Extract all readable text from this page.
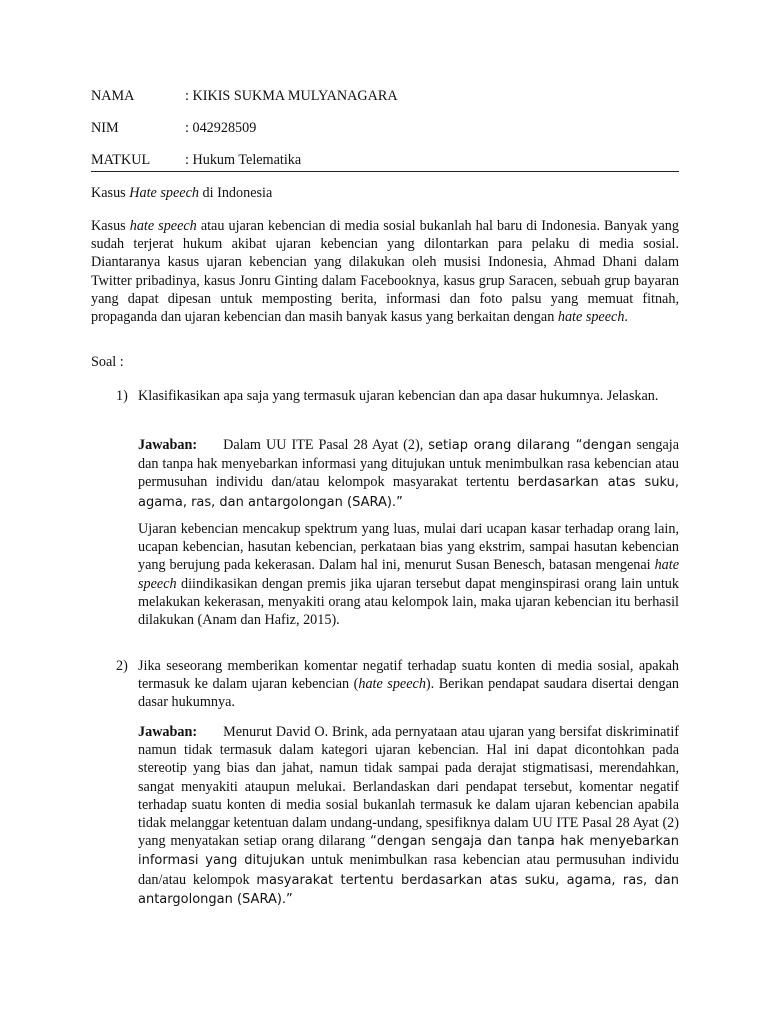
NAMA	: KIKIS SUKMA MULYANAGARA
NIM	: 042928509
MATKUL : Hukum Telematika
Kasus Hate speech di Indonesia
Kasus hate speech atau ujaran kebencian di media sosial bukanlah hal baru di Indonesia. Banyak yang sudah terjerat hukum akibat ujaran kebencian yang dilontarkan para pelaku di media sosial. Diantaranya kasus ujaran kebencian yang dilakukan oleh musisi Indonesia, Ahmad Dhani dalam Twitter pribadinya, kasus Jonru Ginting dalam Facebooknya, kasus grup Saracen, sebuah grup bayaran yang dapat dipesan untuk memposting berita, informasi dan foto palsu yang memuat fitnah, propaganda dan ujaran kebencian dan masih banyak kasus yang berkaitan dengan hate speech.
Soal :
1) Klasifikasikan apa saja yang termasuk ujaran kebencian dan apa dasar hukumnya. Jelaskan.
Jawaban: Dalam UU ITE Pasal 28 Ayat (2), setiap orang dilarang “dengan sengaja dan tanpa hak menyebarkan informasi yang ditujukan untuk menimbulkan rasa kebencian atau permusuhan individu dan/atau kelompok masyarakat tertentu berdasarkan atas suku, agama, ras, dan antargolongan (SARA).”
Ujaran kebencian mencakup spektrum yang luas, mulai dari ucapan kasar terhadap orang lain, ucapan kebencian, hasutan kebencian, perkataan bias yang ekstrim, sampai hasutan kebencian yang berujung pada kekerasan. Dalam hal ini, menurut Susan Benesch, batasan mengenai hate speech diindikasikan dengan premis jika ujaran tersebut dapat menginspirasi orang lain untuk melakukan kekerasan, menyakiti orang atau kelompok lain, maka ujaran kebencian itu berhasil dilakukan (Anam dan Hafiz, 2015).
2) Jika seseorang memberikan komentar negatif terhadap suatu konten di media sosial, apakah termasuk ke dalam ujaran kebencian (hate speech). Berikan pendapat saudara disertai dengan dasar hukumnya.
Jawaban: Menurut David O. Brink, ada pernyataan atau ujaran yang bersifat diskriminatif namun tidak termasuk dalam kategori ujaran kebencian. Hal ini dapat dicontohkan pada stereotip yang bias dan jahat, namun tidak sampai pada derajat stigmatisasi, merendahkan, sangat menyakiti ataupun melukai. Berlandaskan dari pendapat tersebut, komentar negatif terhadap suatu konten di media sosial bukanlah termasuk ke dalam ujaran kebencian apabila tidak melanggar ketentuan dalam undang-undang, spesifiknya dalam UU ITE Pasal 28 Ayat (2) yang menyatakan setiap orang dilarang “dengan sengaja dan tanpa hak menyebarkan informasi yang ditujukan untuk menimbulkan rasa kebencian atau permusuhan individu dan/atau kelompok masyarakat tertentu berdasarkan atas suku, agama, ras, dan antargolongan (SARA).”
